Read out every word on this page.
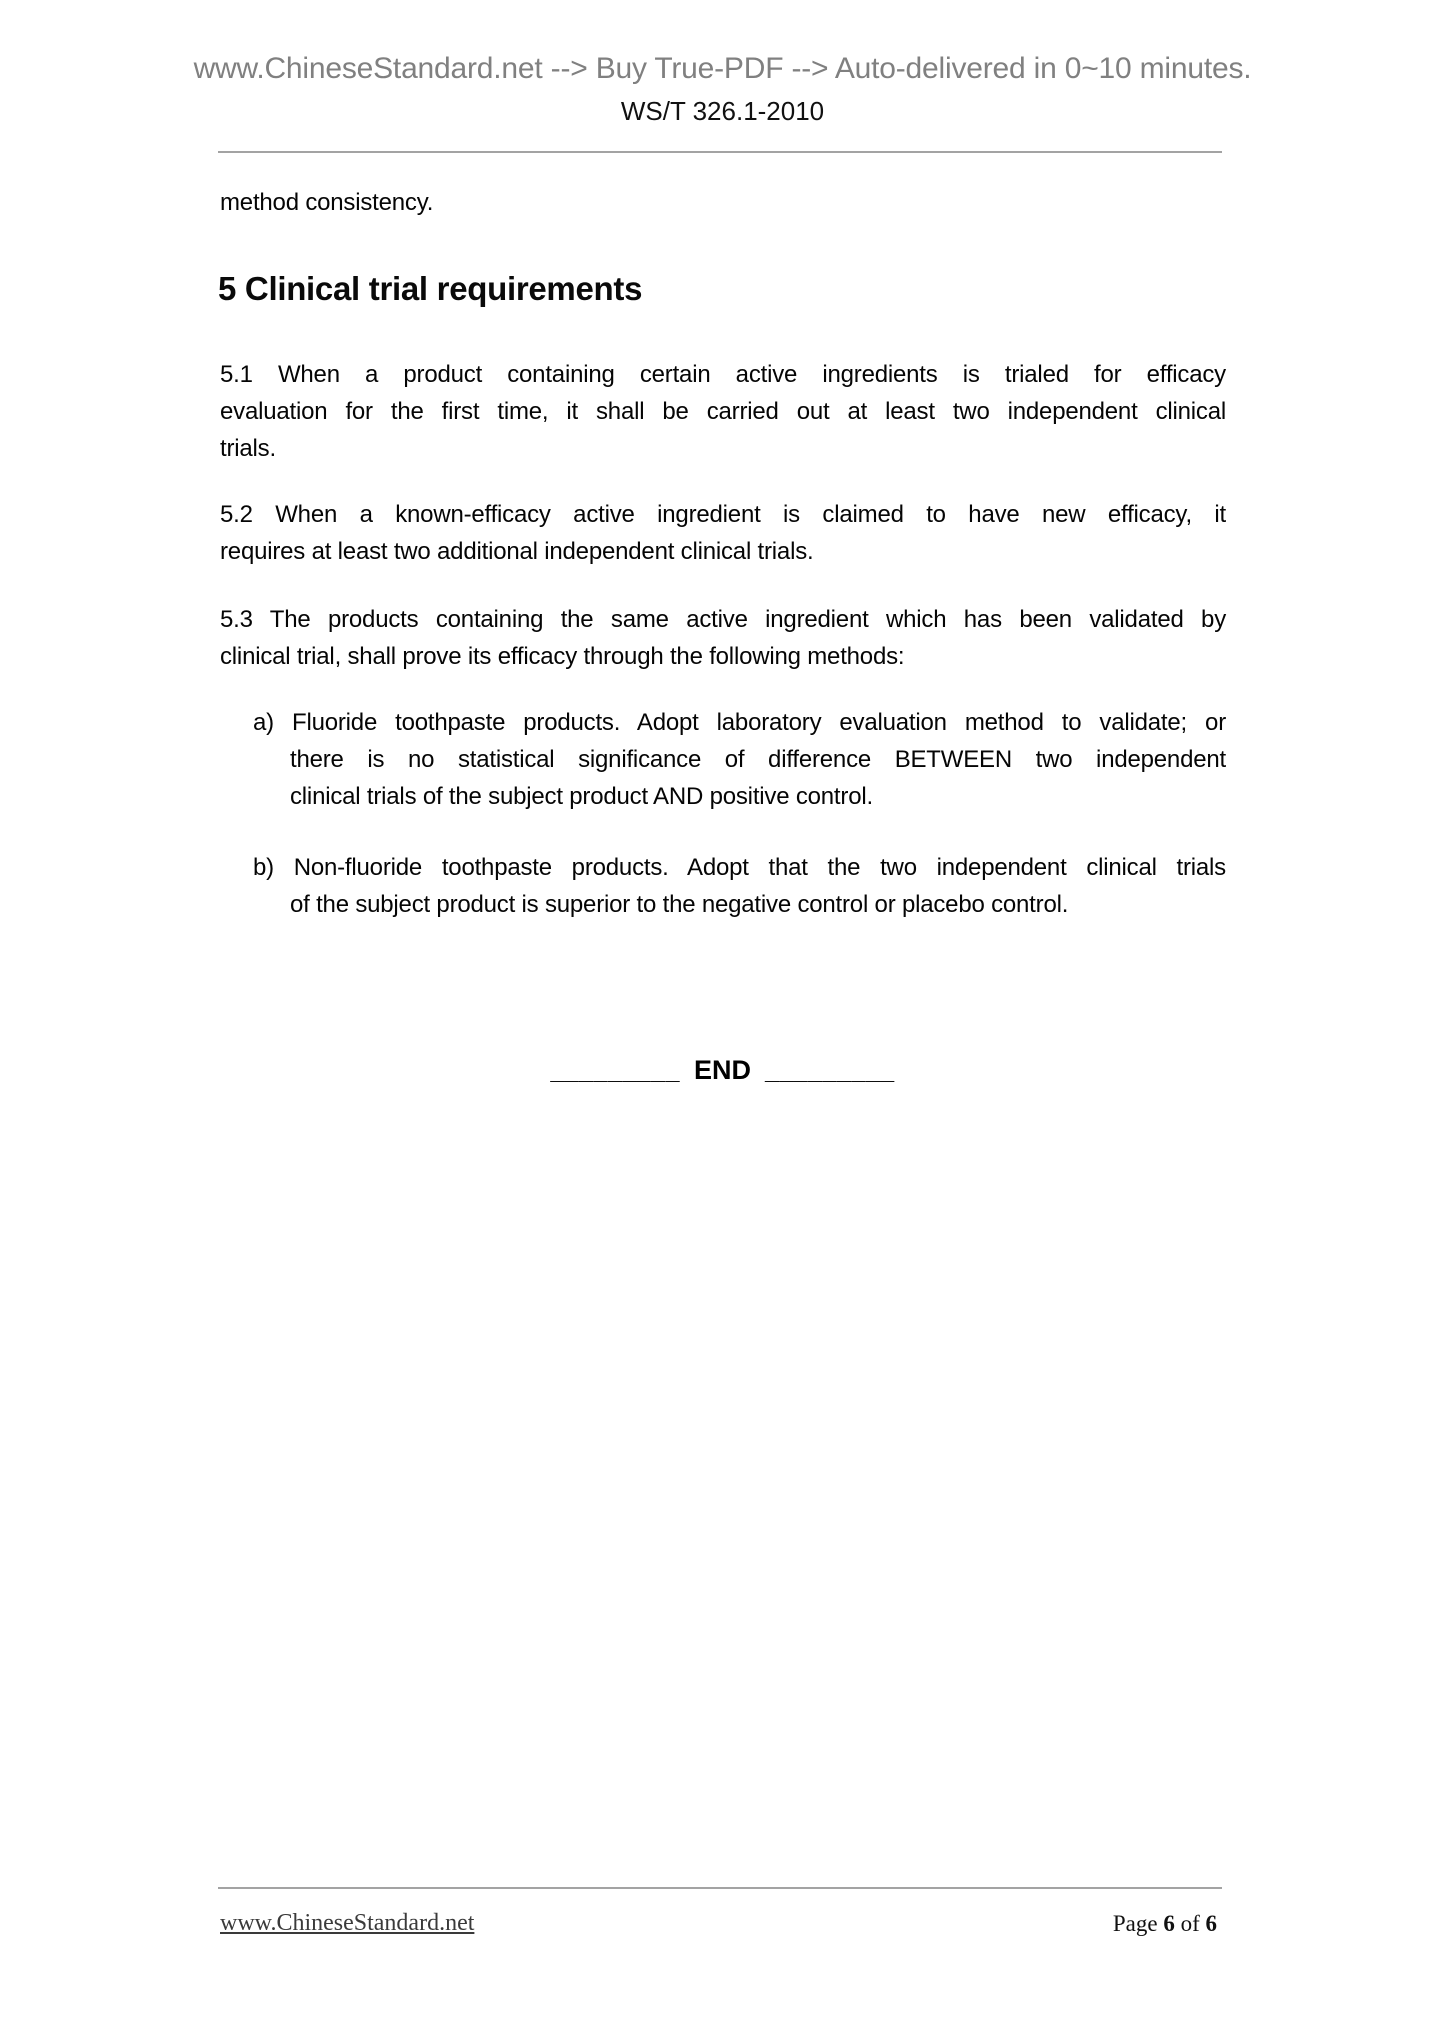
www.ChineseStandard.net --> Buy True-PDF --> Auto-delivered in 0~10 minutes.
WS/T 326.1-2010
method consistency.
5 Clinical trial requirements
5.1 When a product containing certain active ingredients is trialed for efficacy
evaluation for the first time, it shall be carried out at least two independent clinical
trials.
5.2 When a known-efficacy active ingredient is claimed to have new efficacy, it
requires at least two additional independent clinical trials.
5.3 The products containing the same active ingredient which has been validated by
clinical trial, shall prove its efficacy through the following methods:
a) Fluoride toothpaste products. Adopt laboratory evaluation method to validate; or
there is no statistical significance of difference BETWEEN two independent
clinical trials of the subject product AND positive control.
b) Non-fluoride toothpaste products. Adopt that the two independent clinical trials
of the subject product is superior to the negative control or placebo control.
_________ END _________
www.ChineseStandard.net	Page 6 of 6
